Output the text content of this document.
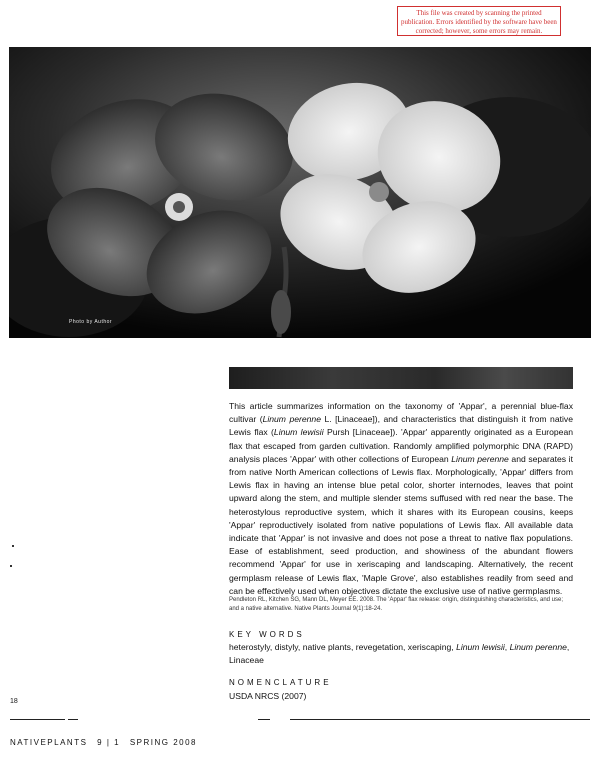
This file was created by scanning the printed publication. Errors identified by the software have been corrected; however, some errors may remain.
Photo by Author

This article summarizes information on the taxonomy of 'Appar', a perennial blue-flax cultivar (Linum perenne L. [Linaceae]), and characteristics that distinguish it from native Lewis flax (Linum lewisii Pursh [Linaceae]). 'Appar' apparently originated as a European flax that escaped from garden cultivation. Randomly amplified polymorphic DNA (RAPD) analysis places 'Appar' with other collections of European Linum perenne and separates it from native North American collections of Lewis flax. Morphologically, 'Appar' differs from Lewis flax in having an intense blue petal color, shorter internodes, leaves that point upward along the stem, and multiple slender stems suffused with red near the base. The heterostylous reproductive system, which it shares with its European cousins, keeps 'Appar' reproductively isolated from native populations of Lewis flax. All available data indicate that 'Appar' is not invasive and does not pose a threat to native flax populations. Ease of establishment, seed production, and showiness of the abundant flowers recommend 'Appar' for use in xeriscaping and landscaping. Alternatively, the recent germplasm release of Lewis flax, 'Maple Grove', also establishes readily from seed and can be effectively used when objectives dictate the exclusive use of native germplasms.

Pendleton RL, Kitchen SG, Mann DL, Meyer EE. 2008. The 'Appar' flax release: origin, distinguishing characteristics, and use; and a native alternative. Native Plants Journal 9(1):18-24.

KEY WORDS

heterostyly, distyly, native plants, revegetation, xeriscaping, Linum lewisii, Linum perenne, Linaceae

NOMENCLATURE

USDA NRCS (2007)

18
NATIVEPLANTS 9 | 1 SPRING 2008
